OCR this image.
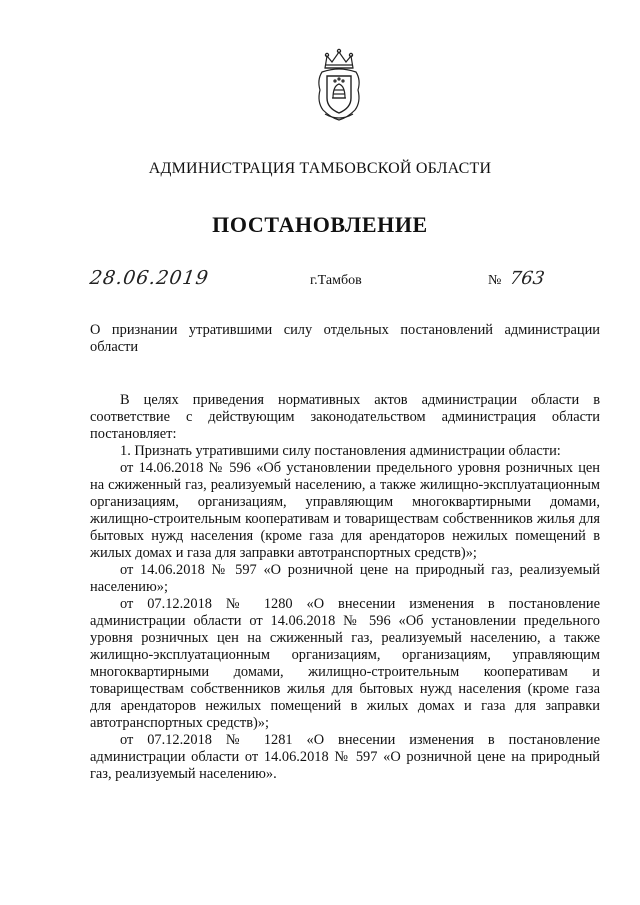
АДМИНИСТРАЦИЯ ТАМБОВСКОЙ ОБЛАСТИ
ПОСТАНОВЛЕНИЕ
28.06.2019	г.Тамбов	№ 763
О признании утратившими силу отдельных постановлений администрации области

В целях приведения нормативных актов администрации области в соответствие с действующим законодательством администрация области постановляет:

1. Признать утратившими силу постановления администрации области:

от 14.06.2018 № 596 «Об установлении предельного уровня розничных цен на сжиженный газ, реализуемый населению, а также жилищно-эксплуатационным организациям, организациям, управляющим многоквартирными домами, жилищно-строительным кооперативам и товариществам собственников жилья для бытовых нужд населения (кроме газа для арендаторов нежилых помещений в жилых домах и газа для заправки автотранспортных средств)»;

от 14.06.2018 № 597 «О розничной цене на природный газ, реализуемый населению»;

от 07.12.2018 № 1280 «О внесении изменения в постановление администрации области от 14.06.2018 № 596 «Об установлении предельного уровня розничных цен на сжиженный газ, реализуемый населению, а также жилищно-эксплуатационным организациям, организациям, управляющим многоквартирными домами, жилищно-строительным кооперативам и товариществам собственников жилья для бытовых нужд населения (кроме газа для арендаторов нежилых помещений в жилых домах и газа для заправки автотранспортных средств)»;

от 07.12.2018 № 1281 «О внесении изменения в постановление администрации области от 14.06.2018 № 597 «О розничной цене на природный газ, реализуемый населению».
